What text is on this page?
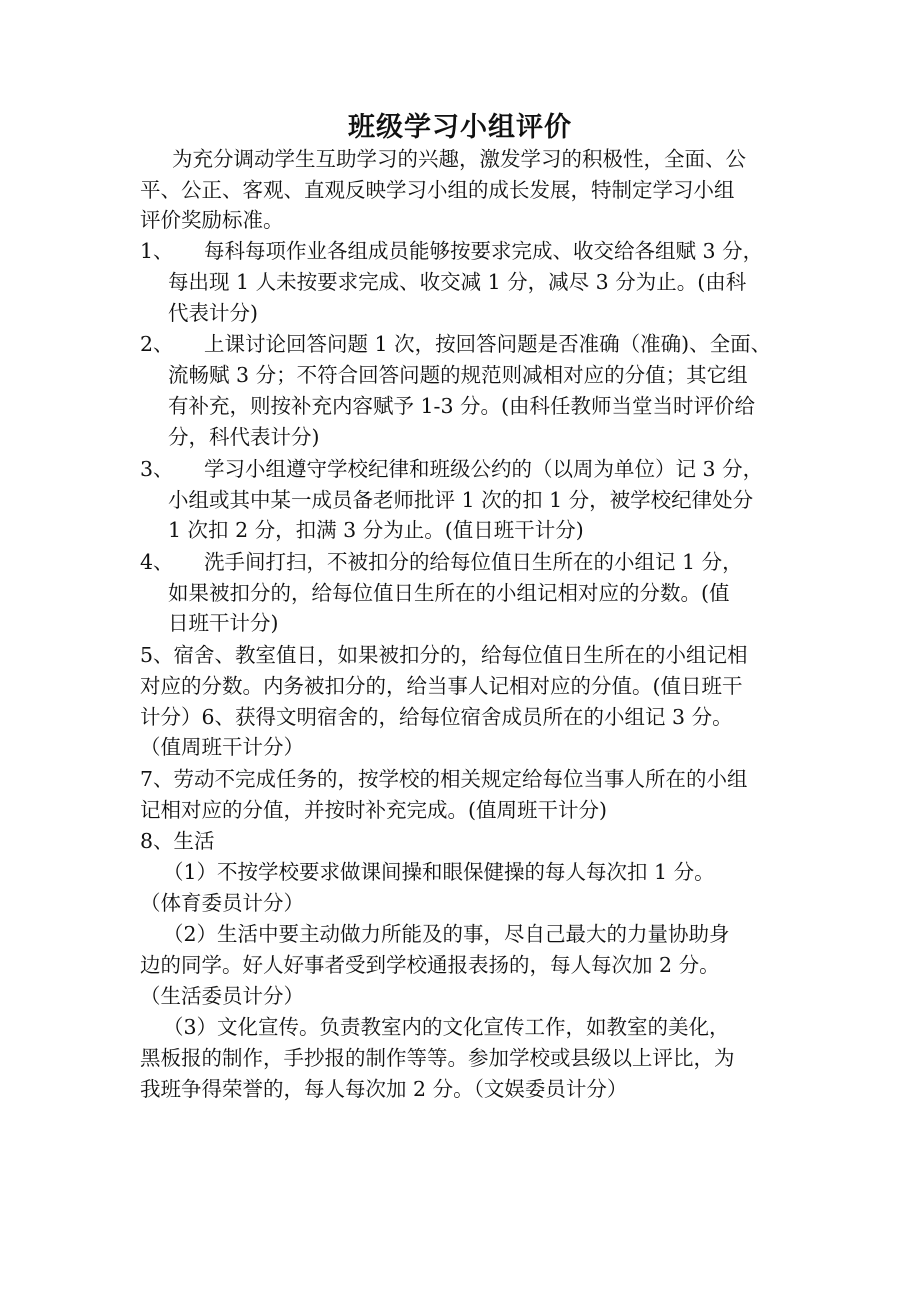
班级学习小组评价
为充分调动学生互助学习的兴趣，激发学习的积极性，全面、公
平、公正、客观、直观反映学习小组的成长发展，特制定学习小组
评价奖励标准。
1、 每科每项作业各组成员能够按要求完成、收交给各组赋 3 分，
每出现 1 人未按要求完成、收交减 1 分，减尽 3 分为止。(由科
代表计分)
2、 上课讨论回答问题 1 次，按回答问题是否准确（准确)、全面、
流畅赋 3 分；不符合回答问题的规范则减相对应的分值；其它组
有补充，则按补充内容赋予 1-3 分。(由科任教师当堂当时评价给
分，科代表计分)
3、 学习小组遵守学校纪律和班级公约的（以周为单位）记 3 分，
小组或其中某一成员备老师批评 1 次的扣 1 分，被学校纪律处分
1 次扣 2 分，扣满 3 分为止。(值日班干计分)
4、 洗手间打扫，不被扣分的给每位值日生所在的小组记 1 分，
如果被扣分的，给每位值日生所在的小组记相对应的分数。(值
日班干计分)
5、宿舍、教室值日，如果被扣分的，给每位值日生所在的小组记相
对应的分数。内务被扣分的，给当事人记相对应的分值。(值日班干
计分）6、获得文明宿舍的，给每位宿舍成员所在的小组记 3 分。
（值周班干计分）
7、劳动不完成任务的，按学校的相关规定给每位当事人所在的小组
记相对应的分值，并按时补充完成。(值周班干计分)
8、生活
（1）不按学校要求做课间操和眼保健操的每人每次扣 1 分。
（体育委员计分）
（2）生活中要主动做力所能及的事，尽自己最大的力量协助身
边的同学。好人好事者受到学校通报表扬的，每人每次加 2 分。
（生活委员计分）
（3）文化宣传。负责教室内的文化宣传工作，如教室的美化，
黑板报的制作，手抄报的制作等等。参加学校或县级以上评比，为
我班争得荣誉的，每人每次加 2 分。（文娱委员计分）
